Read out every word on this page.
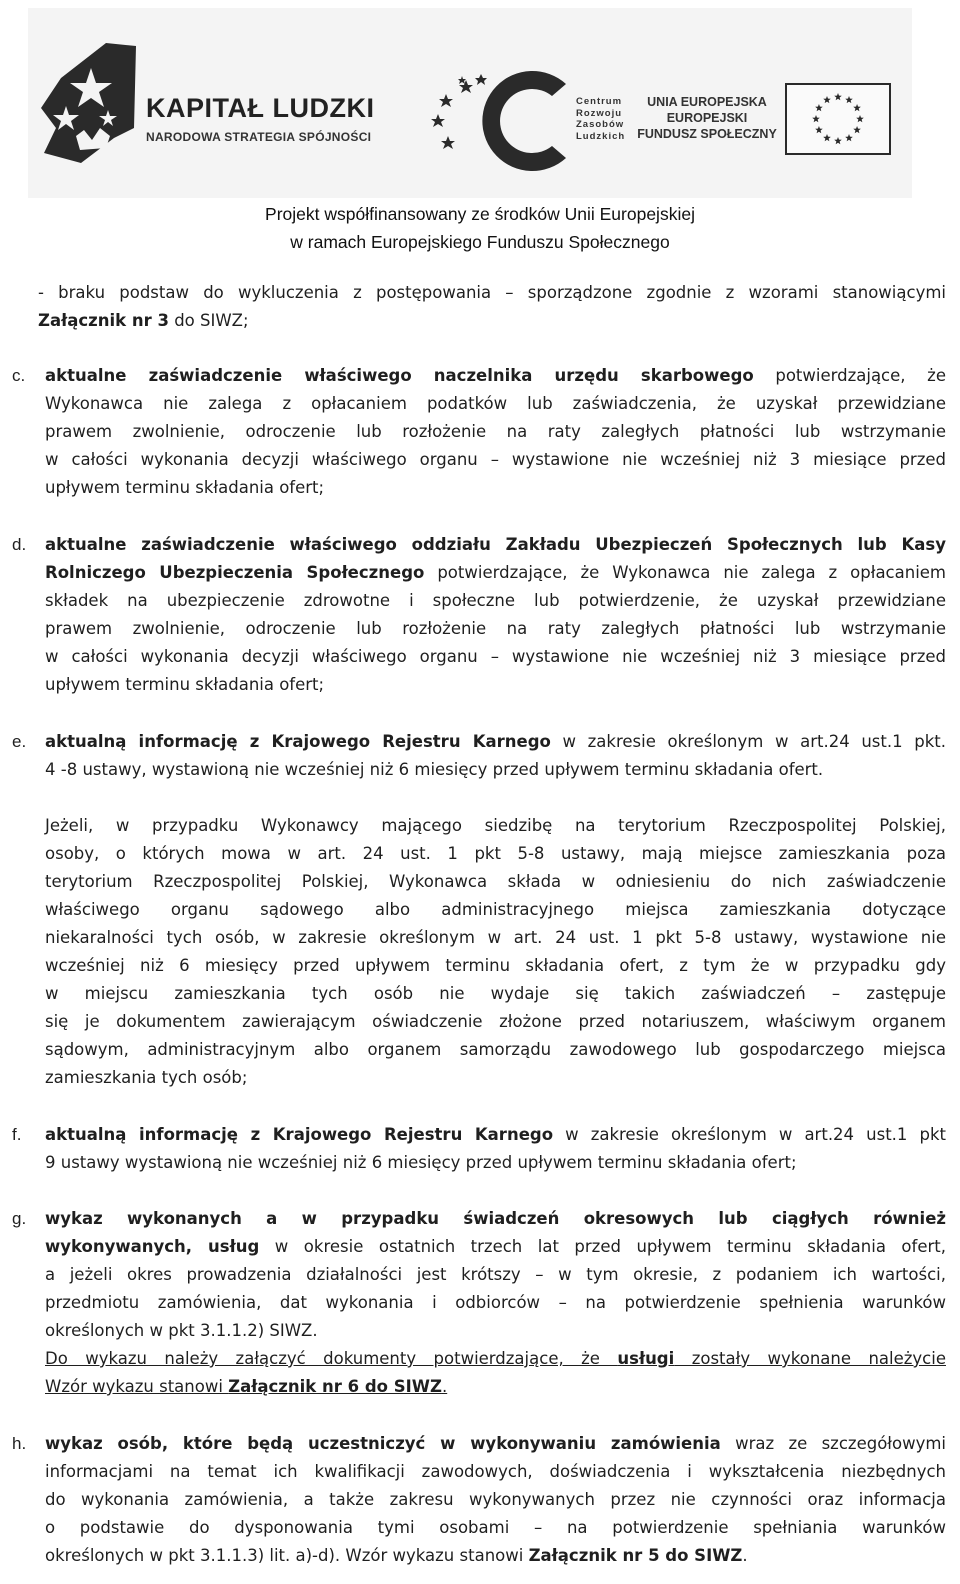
KAPITAŁ LUDZKI
NARODOWA STRATEGIA SPÓJNOŚCI
Centrum
Rozwoju
Zasobów
Ludzkich
UNIA EUROPEJSKA
EUROPEJSKI
FUNDUSZ SPOŁECZNY
Projekt współfinansowany ze środków Unii Europejskiej
w ramach Europejskiego Funduszu Społecznego
- braku podstaw do wykluczenia z postępowania – sporządzone zgodnie z wzorami stanowiącymi
Załącznik nr 3 do SIWZ;
c. aktualne zaświadczenie właściwego naczelnika urzędu skarbowego potwierdzające, że
Wykonawca nie zalega z opłacaniem podatków lub zaświadczenia, że uzyskał przewidziane
prawem zwolnienie, odroczenie lub rozłożenie na raty zaległych płatności lub wstrzymanie
w całości wykonania decyzji właściwego organu – wystawione nie wcześniej niż 3 miesiące przed
upływem terminu składania ofert;
d. aktualne zaświadczenie właściwego oddziału Zakładu Ubezpieczeń Społecznych lub Kasy
Rolniczego Ubezpieczenia Społecznego potwierdzające, że Wykonawca nie zalega z opłacaniem
składek na ubezpieczenie zdrowotne i społeczne lub potwierdzenie, że uzyskał przewidziane
prawem zwolnienie, odroczenie lub rozłożenie na raty zaległych płatności lub wstrzymanie
w całości wykonania decyzji właściwego organu – wystawione nie wcześniej niż 3 miesiące przed
upływem terminu składania ofert;
e. aktualną informację z Krajowego Rejestru Karnego w zakresie określonym w art.24 ust.1 pkt.
4 -8 ustawy, wystawioną nie wcześniej niż 6 miesięcy przed upływem terminu składania ofert.
Jeżeli, w przypadku Wykonawcy mającego siedzibę na terytorium Rzeczpospolitej Polskiej,
osoby, o których mowa w art. 24 ust. 1 pkt 5-8 ustawy, mają miejsce zamieszkania poza
terytorium Rzeczpospolitej Polskiej, Wykonawca składa w odniesieniu do nich zaświadczenie
właściwego organu sądowego albo administracyjnego miejsca zamieszkania dotyczące
niekaralności tych osób, w zakresie określonym w art. 24 ust. 1 pkt 5-8 ustawy, wystawione nie
wcześniej niż 6 miesięcy przed upływem terminu składania ofert, z tym że w przypadku gdy
w miejscu zamieszkania tych osób nie wydaje się takich zaświadczeń – zastępuje
się je dokumentem zawierającym oświadczenie złożone przed notariuszem, właściwym organem
sądowym, administracyjnym albo organem samorządu zawodowego lub gospodarczego miejsca
zamieszkania tych osób;
f. aktualną informację z Krajowego Rejestru Karnego w zakresie określonym w art.24 ust.1 pkt
9 ustawy wystawioną nie wcześniej niż 6 miesięcy przed upływem terminu składania ofert;
g. wykaz wykonanych a w przypadku świadczeń okresowych lub ciągłych również
wykonywanych, usług w okresie ostatnich trzech lat przed upływem terminu składania ofert,
a jeżeli okres prowadzenia działalności jest krótszy – w tym okresie, z podaniem ich wartości,
przedmiotu zamówienia, dat wykonania i odbiorców – na potwierdzenie spełnienia warunków
określonych w pkt 3.1.1.2) SIWZ.
Do wykazu należy załączyć dokumenty potwierdzające, że usługi zostały wykonane należycie
Wzór wykazu stanowi Załącznik nr 6 do SIWZ.
h. wykaz osób, które będą uczestniczyć w wykonywaniu zamówienia wraz ze szczegółowymi
informacjami na temat ich kwalifikacji zawodowych, doświadczenia i wykształcenia niezbędnych
do wykonania zamówienia, a także zakresu wykonywanych przez nie czynności oraz informacja
o podstawie do dysponowania tymi osobami – na potwierdzenie spełniania warunków
określonych w pkt 3.1.1.3) lit. a)-d). Wzór wykazu stanowi Załącznik nr 5 do SIWZ.
